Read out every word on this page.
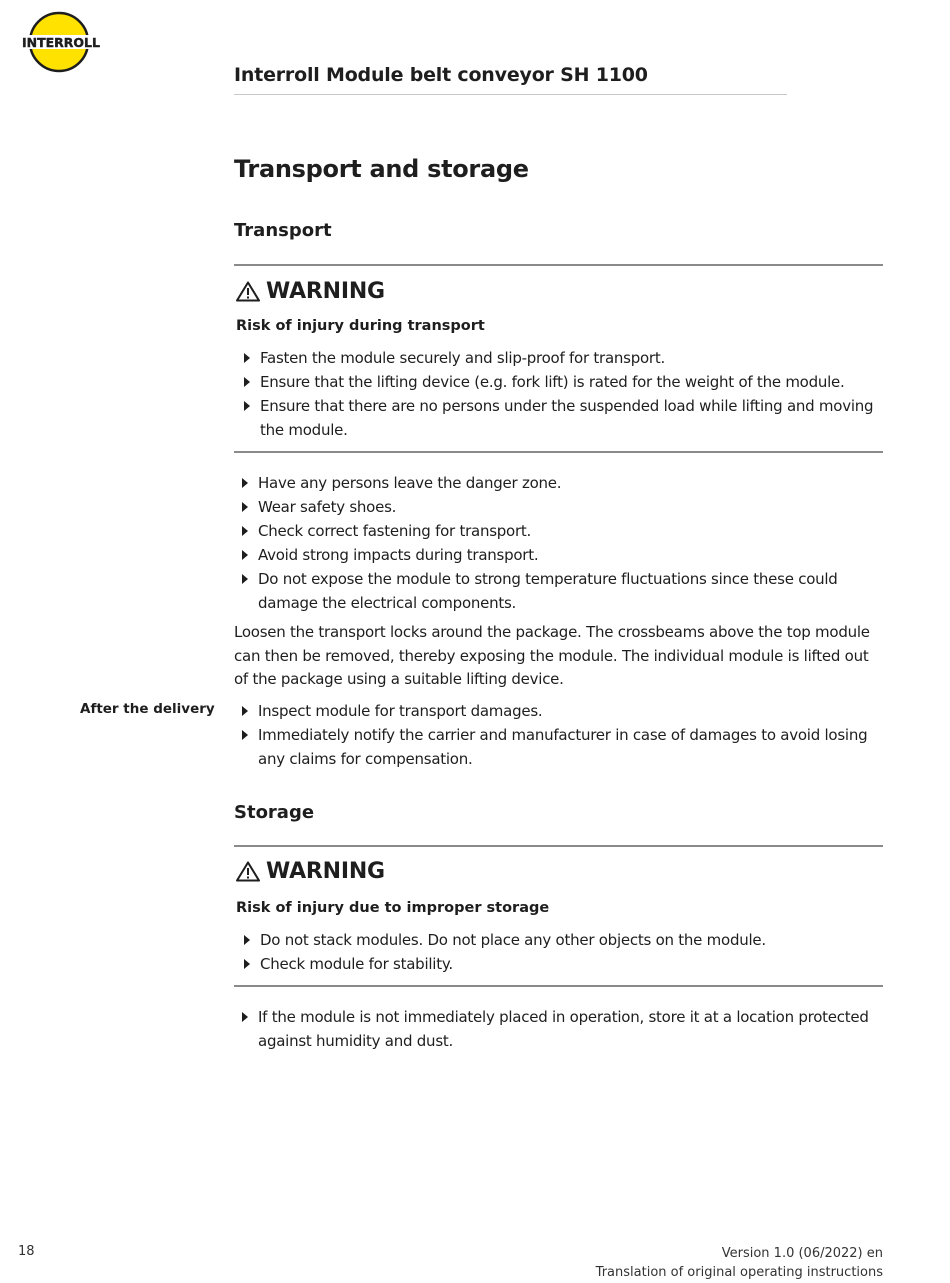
INTERROLL
Interroll Module belt conveyor SH 1100
Transport and storage
Transport
WARNING
Risk of injury during transport
Fasten the module securely and slip-proof for transport.
Ensure that the lifting device (e.g. fork lift) is rated for the weight of the module.
Ensure that there are no persons under the suspended load while lifting and moving the module.
Have any persons leave the danger zone.
Wear safety shoes.
Check correct fastening for transport.
Avoid strong impacts during transport.
Do not expose the module to strong temperature fluctuations since these could damage the electrical components.
Loosen the transport locks around the package. The crossbeams above the top module can then be removed, thereby exposing the module. The individual module is lifted out of the package using a suitable lifting device.
After the delivery	Inspect module for transport damages.
Immediately notify the carrier and manufacturer in case of damages to avoid losing any claims for compensation.
Storage
WARNING
Risk of injury due to improper storage
Do not stack modules. Do not place any other objects on the module.
Check module for stability.
If the module is not immediately placed in operation, store it at a location protected against humidity and dust.
18	Version 1.0 (06/2022) en
Translation of original operating instructions
